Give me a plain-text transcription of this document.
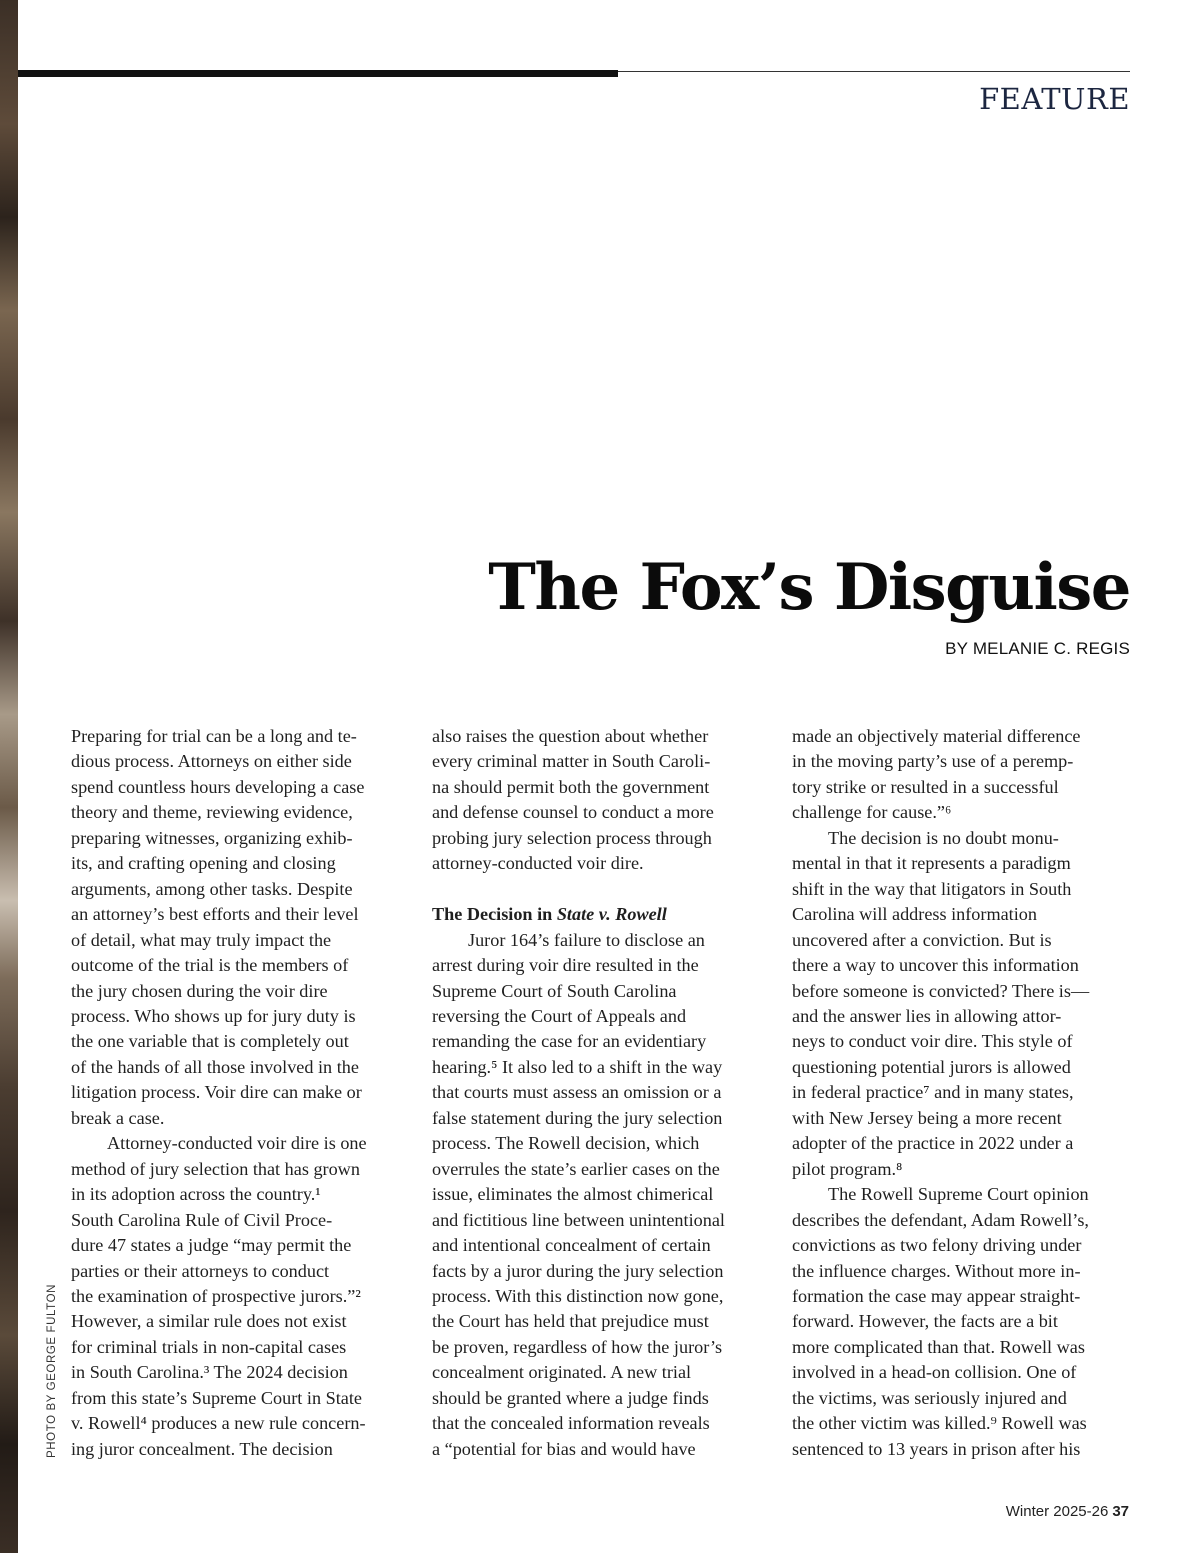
FEATURE
The Fox’s Disguise

BY MELANIE C. REGIS

PHOTO BY GEORGE FULTON

Preparing for trial can be a long and te-
dious process. Attorneys on either side
spend countless hours developing a case
theory and theme, reviewing evidence,
preparing witnesses, organizing exhib-
its, and crafting opening and closing
arguments, among other tasks. Despite
an attorney’s best efforts and their level
of detail, what may truly impact the
outcome of the trial is the members of
the jury chosen during the voir dire
process. Who shows up for jury duty is
the one variable that is completely out
of the hands of all those involved in the
litigation process. Voir dire can make or
break a case.

Attorney-conducted voir dire is one
method of jury selection that has grown
in its adoption across the country.¹
South Carolina Rule of Civil Proce-
dure 47 states a judge “may permit the
parties or their attorneys to conduct
the examination of prospective jurors.”²
However, a similar rule does not exist
for criminal trials in non-capital cases
in South Carolina.³ The 2024 decision
from this state’s Supreme Court in State
v. Rowell⁴ produces a new rule concern-
ing juror concealment. The decision

also raises the question about whether
every criminal matter in South Caroli-
na should permit both the government
and defense counsel to conduct a more
probing jury selection process through
attorney-conducted voir dire.

The Decision in State v. Rowell

Juror 164’s failure to disclose an
arrest during voir dire resulted in the
Supreme Court of South Carolina
reversing the Court of Appeals and
remanding the case for an evidentiary
hearing.⁵ It also led to a shift in the way
that courts must assess an omission or a
false statement during the jury selection
process. The Rowell decision, which
overrules the state’s earlier cases on the
issue, eliminates the almost chimerical
and fictitious line between unintentional
and intentional concealment of certain
facts by a juror during the jury selection
process. With this distinction now gone,
the Court has held that prejudice must
be proven, regardless of how the juror’s
concealment originated. A new trial
should be granted where a judge finds
that the concealed information reveals
a “potential for bias and would have

made an objectively material difference
in the moving party’s use of a peremp-
tory strike or resulted in a successful
challenge for cause.”⁶

The decision is no doubt monu-
mental in that it represents a paradigm
shift in the way that litigators in South
Carolina will address information
uncovered after a conviction. But is
there a way to uncover this information
before someone is convicted? There is—
and the answer lies in allowing attor-
neys to conduct voir dire. This style of
questioning potential jurors is allowed
in federal practice⁷ and in many states,
with New Jersey being a more recent
adopter of the practice in 2022 under a
pilot program.⁸

The Rowell Supreme Court opinion
describes the defendant, Adam Rowell’s,
convictions as two felony driving under
the influence charges. Without more in-
formation the case may appear straight-
forward. However, the facts are a bit
more complicated than that. Rowell was
involved in a head-on collision. One of
the victims, was seriously injured and
the other victim was killed.⁹ Rowell was
sentenced to 13 years in prison after his

Winter 2025-26 37
